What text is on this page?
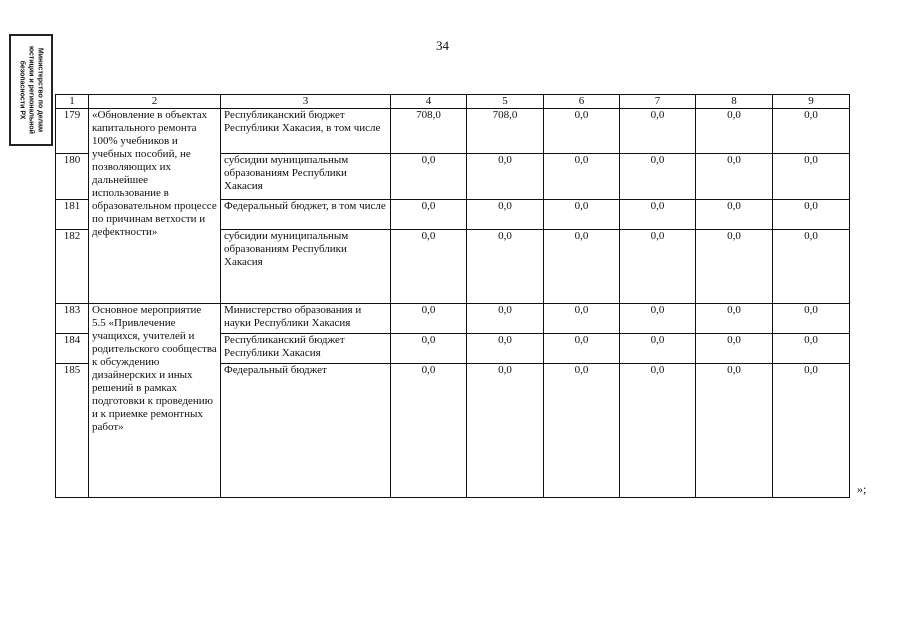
34
Министерство по делам юстиции и региональной безопасности РХ	1	2	3	4	5	6	7	8	9
179	«Обновление в объектах капитального ремонта 100% учебников и учебных пособий, не позволяющих их дальнейшее использование в образовательном процессе по причинам ветхости и дефектности»	Республиканский бюджет Республики Хакасия, в том числе	708,0	708,0	0,0	0,0	0,0	0,0
180		субсидии муниципальным образованиям Республики Хакасия	0,0	0,0	0,0	0,0	0,0	0,0
181		Федеральный бюджет, в том числе	0,0	0,0	0,0	0,0	0,0	0,0
182		субсидии муниципальным образованиям Республики Хакасия	0,0	0,0	0,0	0,0	0,0	0,0
183	Основное мероприятие 5.5 «Привлечение учащихся, учителей и родительского сообщества к обсуждению дизайнерских и иных решений в рамках подготовки к проведению и к приемке ремонтных работ»	Министерство образования и науки Республики Хакасия	0,0	0,0	0,0	0,0	0,0	0,0
184		Республиканский бюджет Республики Хакасия	0,0	0,0	0,0	0,0	0,0	0,0
185		Федеральный бюджет	0,0	0,0	0,0	0,0	0,0	0,0
»;
